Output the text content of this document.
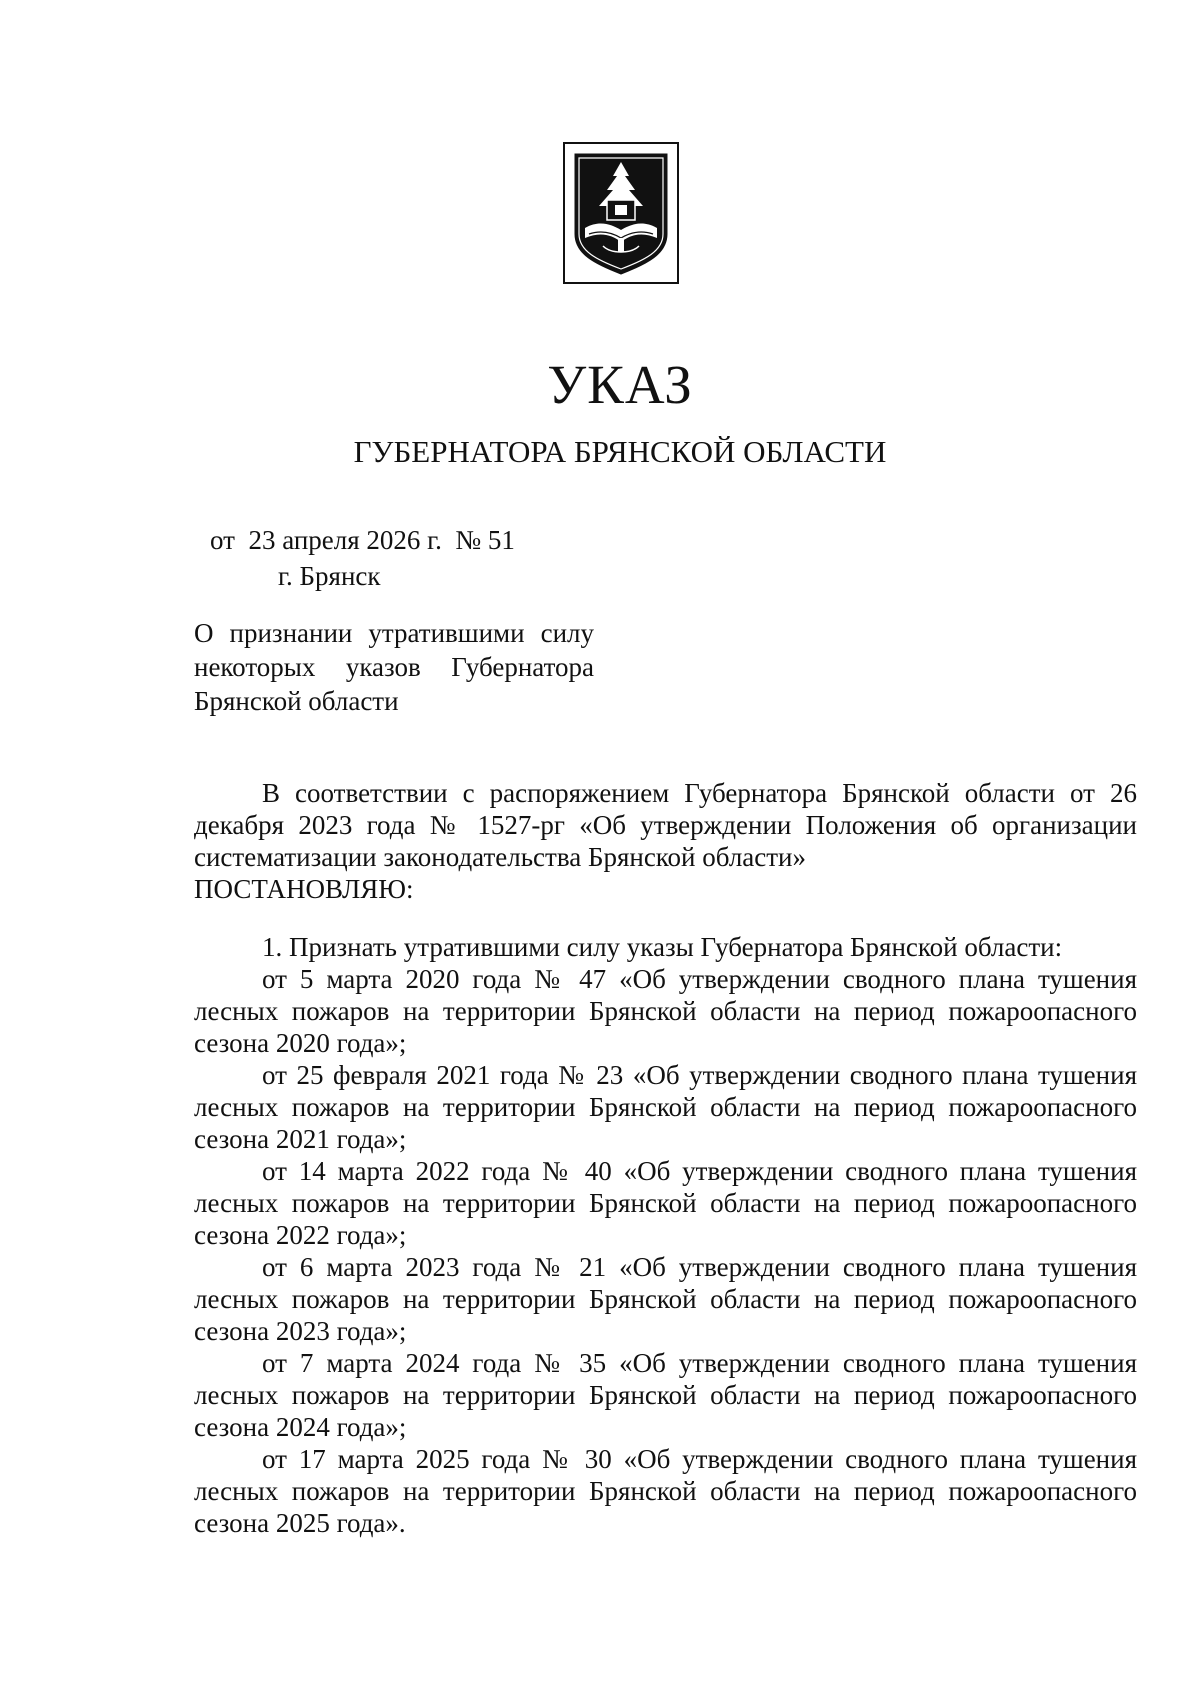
УКАЗ
ГУБЕРНАТОРА БРЯНСКОЙ ОБЛАСТИ
от  23 апреля 2026 г.  № 51
г. Брянск
О признании утратившими силу
некоторых указов Губернатора
Брянской области

В соответствии с распоряжением Губернатора Брянской области от 26 декабря 2023 года № 1527-рг «Об утверждении Положения об организации систематизации законодательства Брянской области»

ПОСТАНОВЛЯЮ:

1. Признать утратившими силу указы Губернатора Брянской области:

от 5 марта 2020 года № 47 «Об утверждении сводного плана тушения лесных пожаров на территории Брянской области на период пожароопасного сезона 2020 года»;

от 25 февраля 2021 года № 23 «Об утверждении сводного плана тушения лесных пожаров на территории Брянской области на период пожароопасного сезона 2021 года»;

от 14 марта 2022 года № 40 «Об утверждении сводного плана тушения лесных пожаров на территории Брянской области на период пожароопасного сезона 2022 года»;

от 6 марта 2023 года № 21 «Об утверждении сводного плана тушения лесных пожаров на территории Брянской области на период пожароопасного сезона 2023 года»;

от 7 марта 2024 года № 35 «Об утверждении сводного плана тушения лесных пожаров на территории Брянской области на период пожароопасного сезона 2024 года»;

от 17 марта 2025 года № 30 «Об утверждении сводного плана тушения лесных пожаров на территории Брянской области на период пожароопасного сезона 2025 года».
